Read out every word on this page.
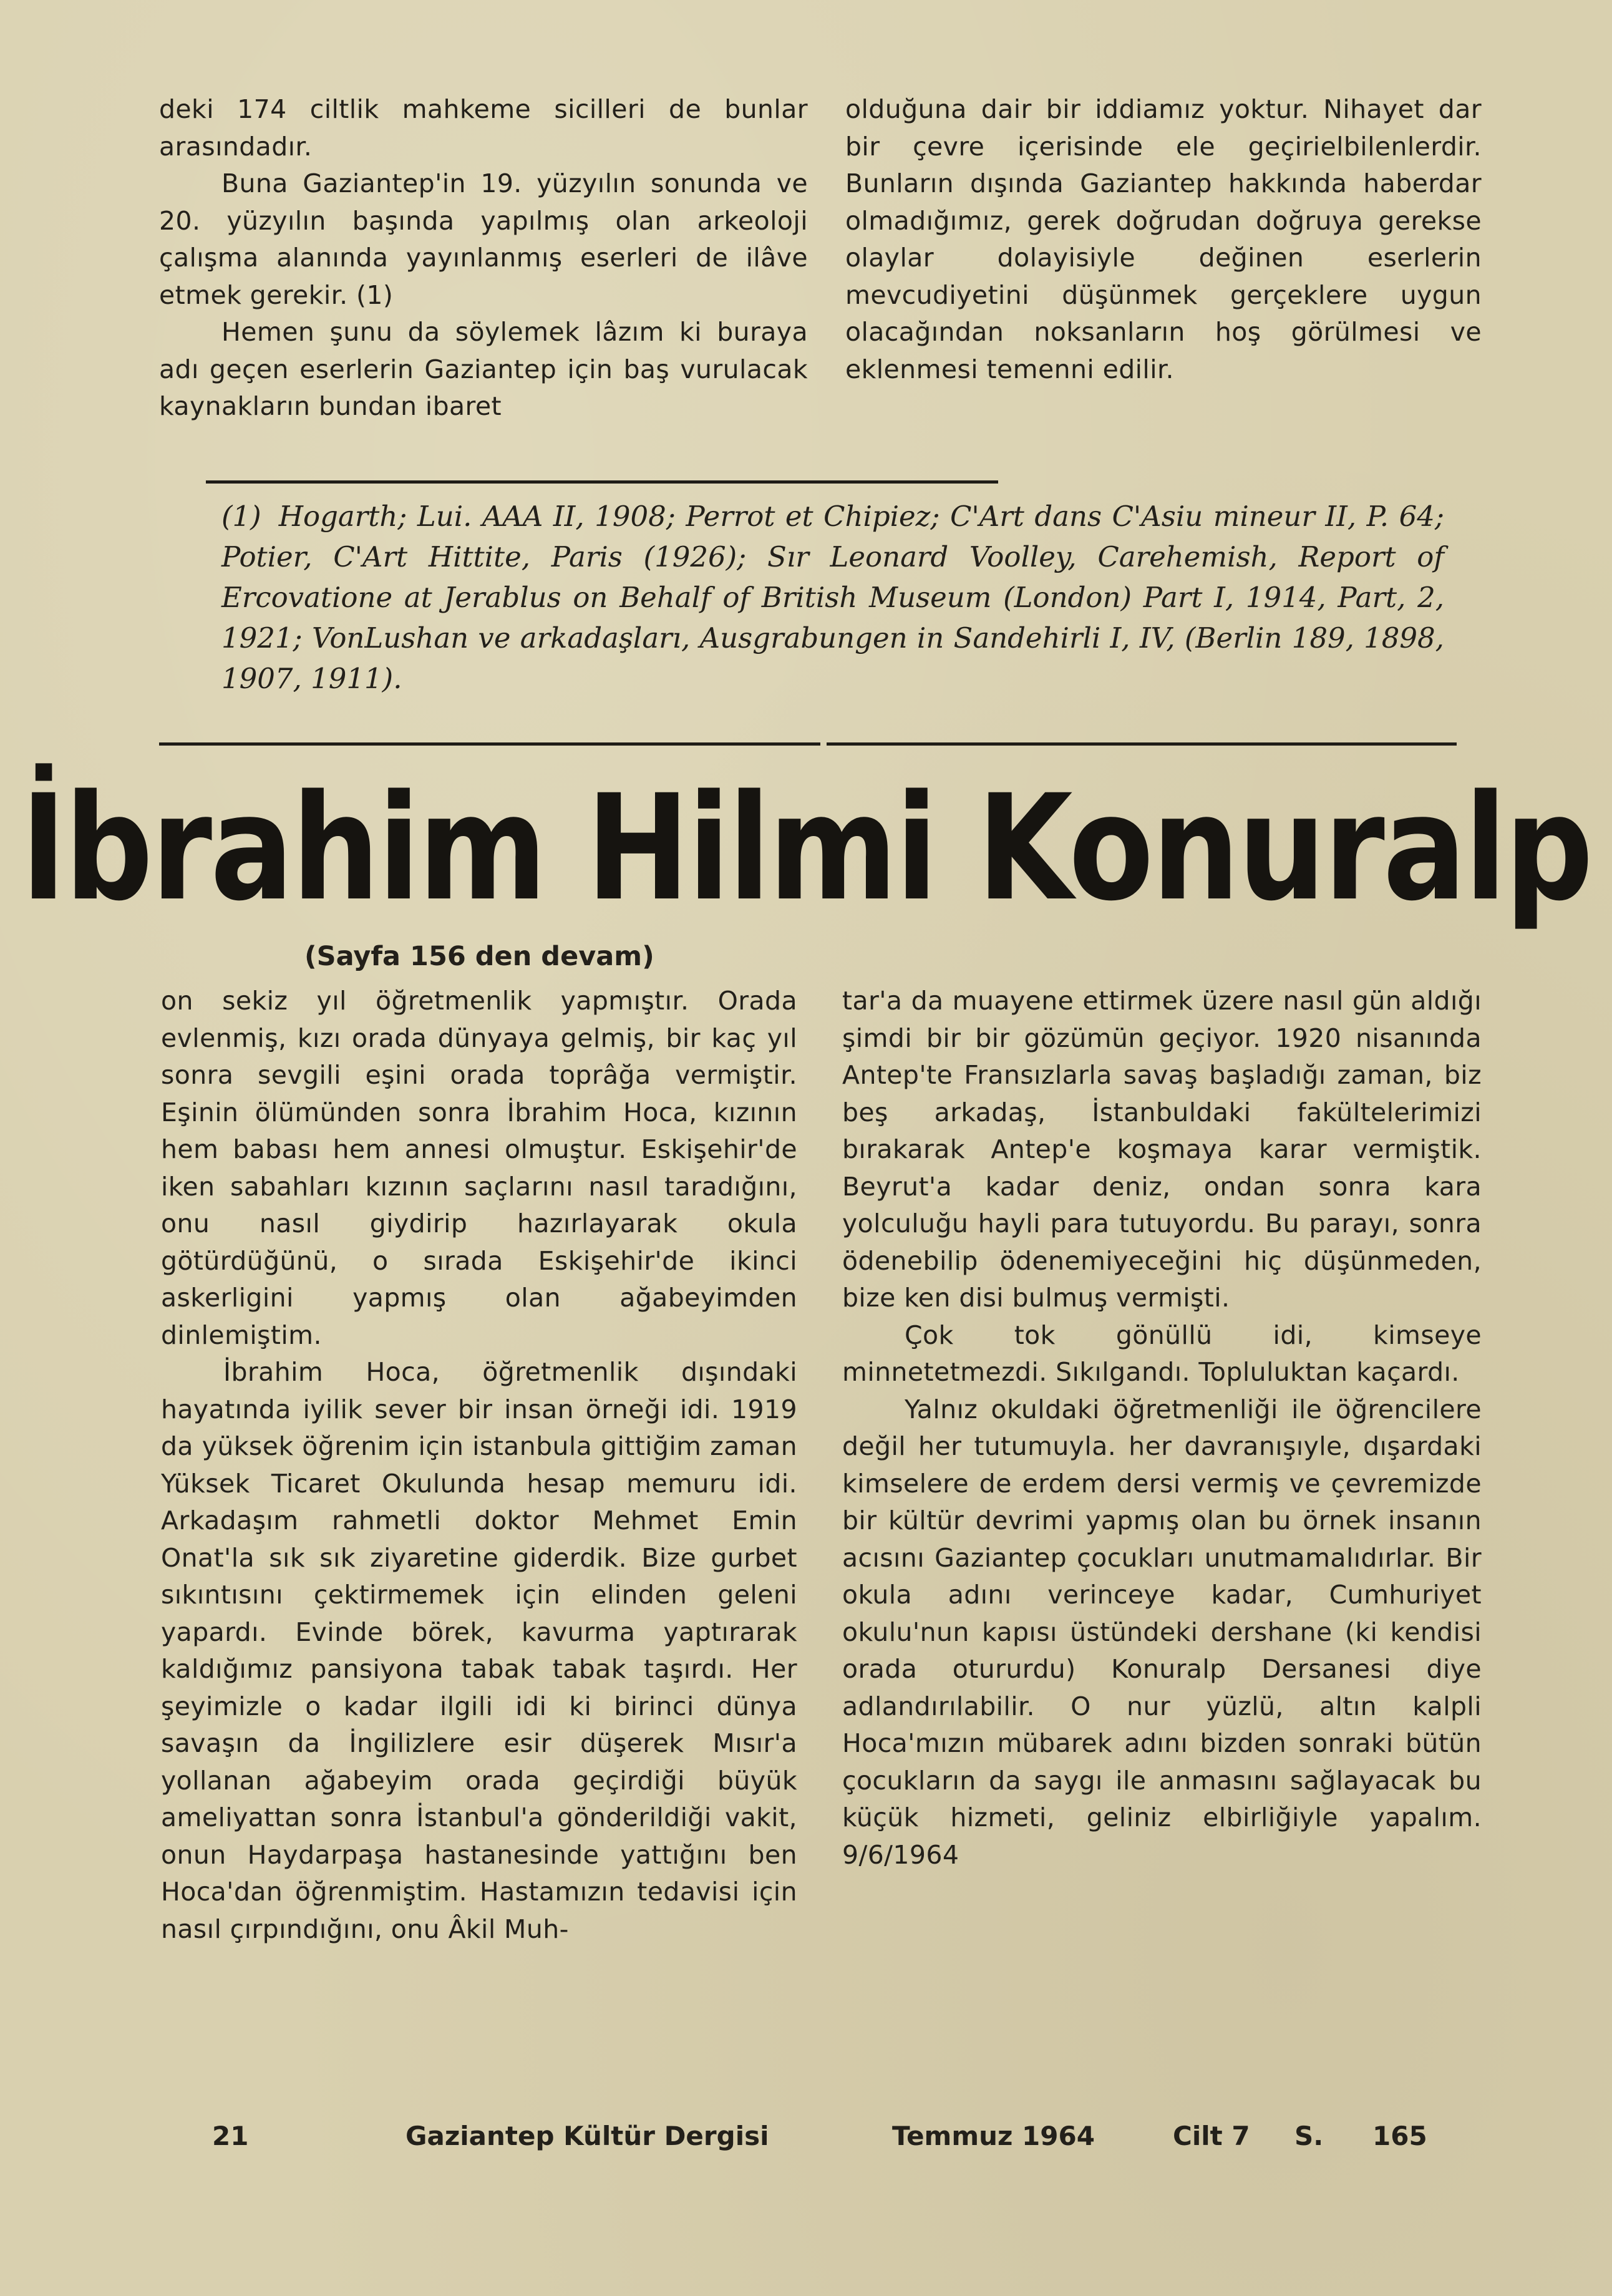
deki 174 ciltlik mahkeme sicilleri de bunlar arasındadır.

Buna Gaziantep'in 19. yüzyılın sonunda ve 20. yüzyılın başında yapılmış olan arkeoloji çalışma alanında yayınlanmış eserleri de ilâve etmek gerekir. (1)

Hemen şunu da söylemek lâzım ki buraya adı geçen eserlerin Gaziantep için baş vurulacak kaynakların bundan ibaret

olduğuna dair bir iddiamız yoktur. Nihayet dar bir çevre içerisinde ele geçirielbilenlerdir. Bunların dışında Gaziantep hakkında haberdar olmadığımız, gerek doğrudan doğruya gerekse olaylar dolayisiyle değinen eserlerin mevcudiyetini düşünmek gerçeklere uygun olacağından noksanların hoş görülmesi ve eklenmesi temenni edilir.

(1) Hogarth; Lui. AAA II, 1908; Perrot et Chipiez; C'Art dans C'Asiu mineur II, P. 64; Potier, C'Art Hittite, Paris (1926); Sır Leonard Voolley, Carehemish, Report of Ercovatione at Jerablus on Behalf of British Museum (London) Part I, 1914, Part, 2, 1921; VonLushan ve arkadaşları, Ausgrabungen in Sandehirli I, IV, (Berlin 189, 1898, 1907, 1911).
İbrahim Hilmi Konuralp
(Sayfa 156 den devam)

on sekiz yıl öğretmenlik yapmıştır. Orada evlenmiş, kızı orada dünyaya gelmiş, bir kaç yıl sonra sevgili eşini orada toprâğa vermiştir. Eşinin ölümünden sonra İbrahim Hoca, kızının hem babası hem annesi olmuştur. Eskişehir'de iken sabahları kızının saçlarını nasıl taradığını, onu nasıl giydirip hazırlayarak okula götürdüğünü, o sırada Eskişehir'de ikinci askerligini yapmış olan ağabeyimden dinlemiştim.

İbrahim Hoca, öğretmenlik dışındaki hayatında iyilik sever bir insan örneği idi. 1919 da yüksek öğrenim için istanbula gittiğim zaman Yüksek Ticaret Okulunda hesap memuru idi. Arkadaşım rahmetli doktor Mehmet Emin Onat'la sık sık ziyaretine giderdik. Bize gurbet sıkıntısını çektirmemek için elinden geleni yapardı. Evinde börek, kavurma yaptırarak kaldığımız pansiyona tabak tabak taşırdı. Her şeyimizle o kadar ilgili idi ki birinci dünya savaşın da İngilizlere esir düşerek Mısır'a yollanan ağabeyim orada geçirdiği büyük ameliyattan sonra İstanbul'a gönderildiği vakit, onun Haydarpaşa hastanesinde yattığını ben Hoca'dan öğrenmiştim. Hastamızın tedavisi için nasıl çırpındığını, onu Âkil Muh-

tar'a da muayene ettirmek üzere nasıl gün aldığı şimdi bir bir gözümün geçiyor. 1920 nisanında Antep'te Fransızlarla savaş başladığı zaman, biz beş arkadaş, İstanbuldaki fakültelerimizi bırakarak Antep'e koşmaya karar vermiştik. Beyrut'a kadar deniz, ondan sonra kara yolculuğu hayli para tutuyordu. Bu parayı, sonra ödenebilip ödenemiyeceğini hiç düşünmeden, bize ken disi bulmuş vermişti.

Çok tok gönüllü idi, kimseye minnetetmezdi. Sıkılgandı. Topluluktan kaçardı.

Yalnız okuldaki öğretmenliği ile öğrencilere değil her tutumuyla. her davranışıyle, dışardaki kimselere de erdem dersi vermiş ve çevremizde bir kültür devrimi yapmış olan bu örnek insanın acısını Gaziantep çocukları unutmamalıdırlar. Bir okula adını verinceye kadar, Cumhuriyet okulu'nun kapısı üstündeki dershane (ki kendisi orada otururdu) Konuralp Dersanesi diye adlandırılabilir. O nur yüzlü, altın kalpli Hoca'mızın mübarek adını bizden sonraki bütün çocukların da saygı ile anmasını sağlayacak bu küçük hizmeti, geliniz elbirliğiyle yapalım. 9/6/1964

21	Gaziantep Kültür Dergisi	Temmuz 1964	Cilt 7 S. 165
